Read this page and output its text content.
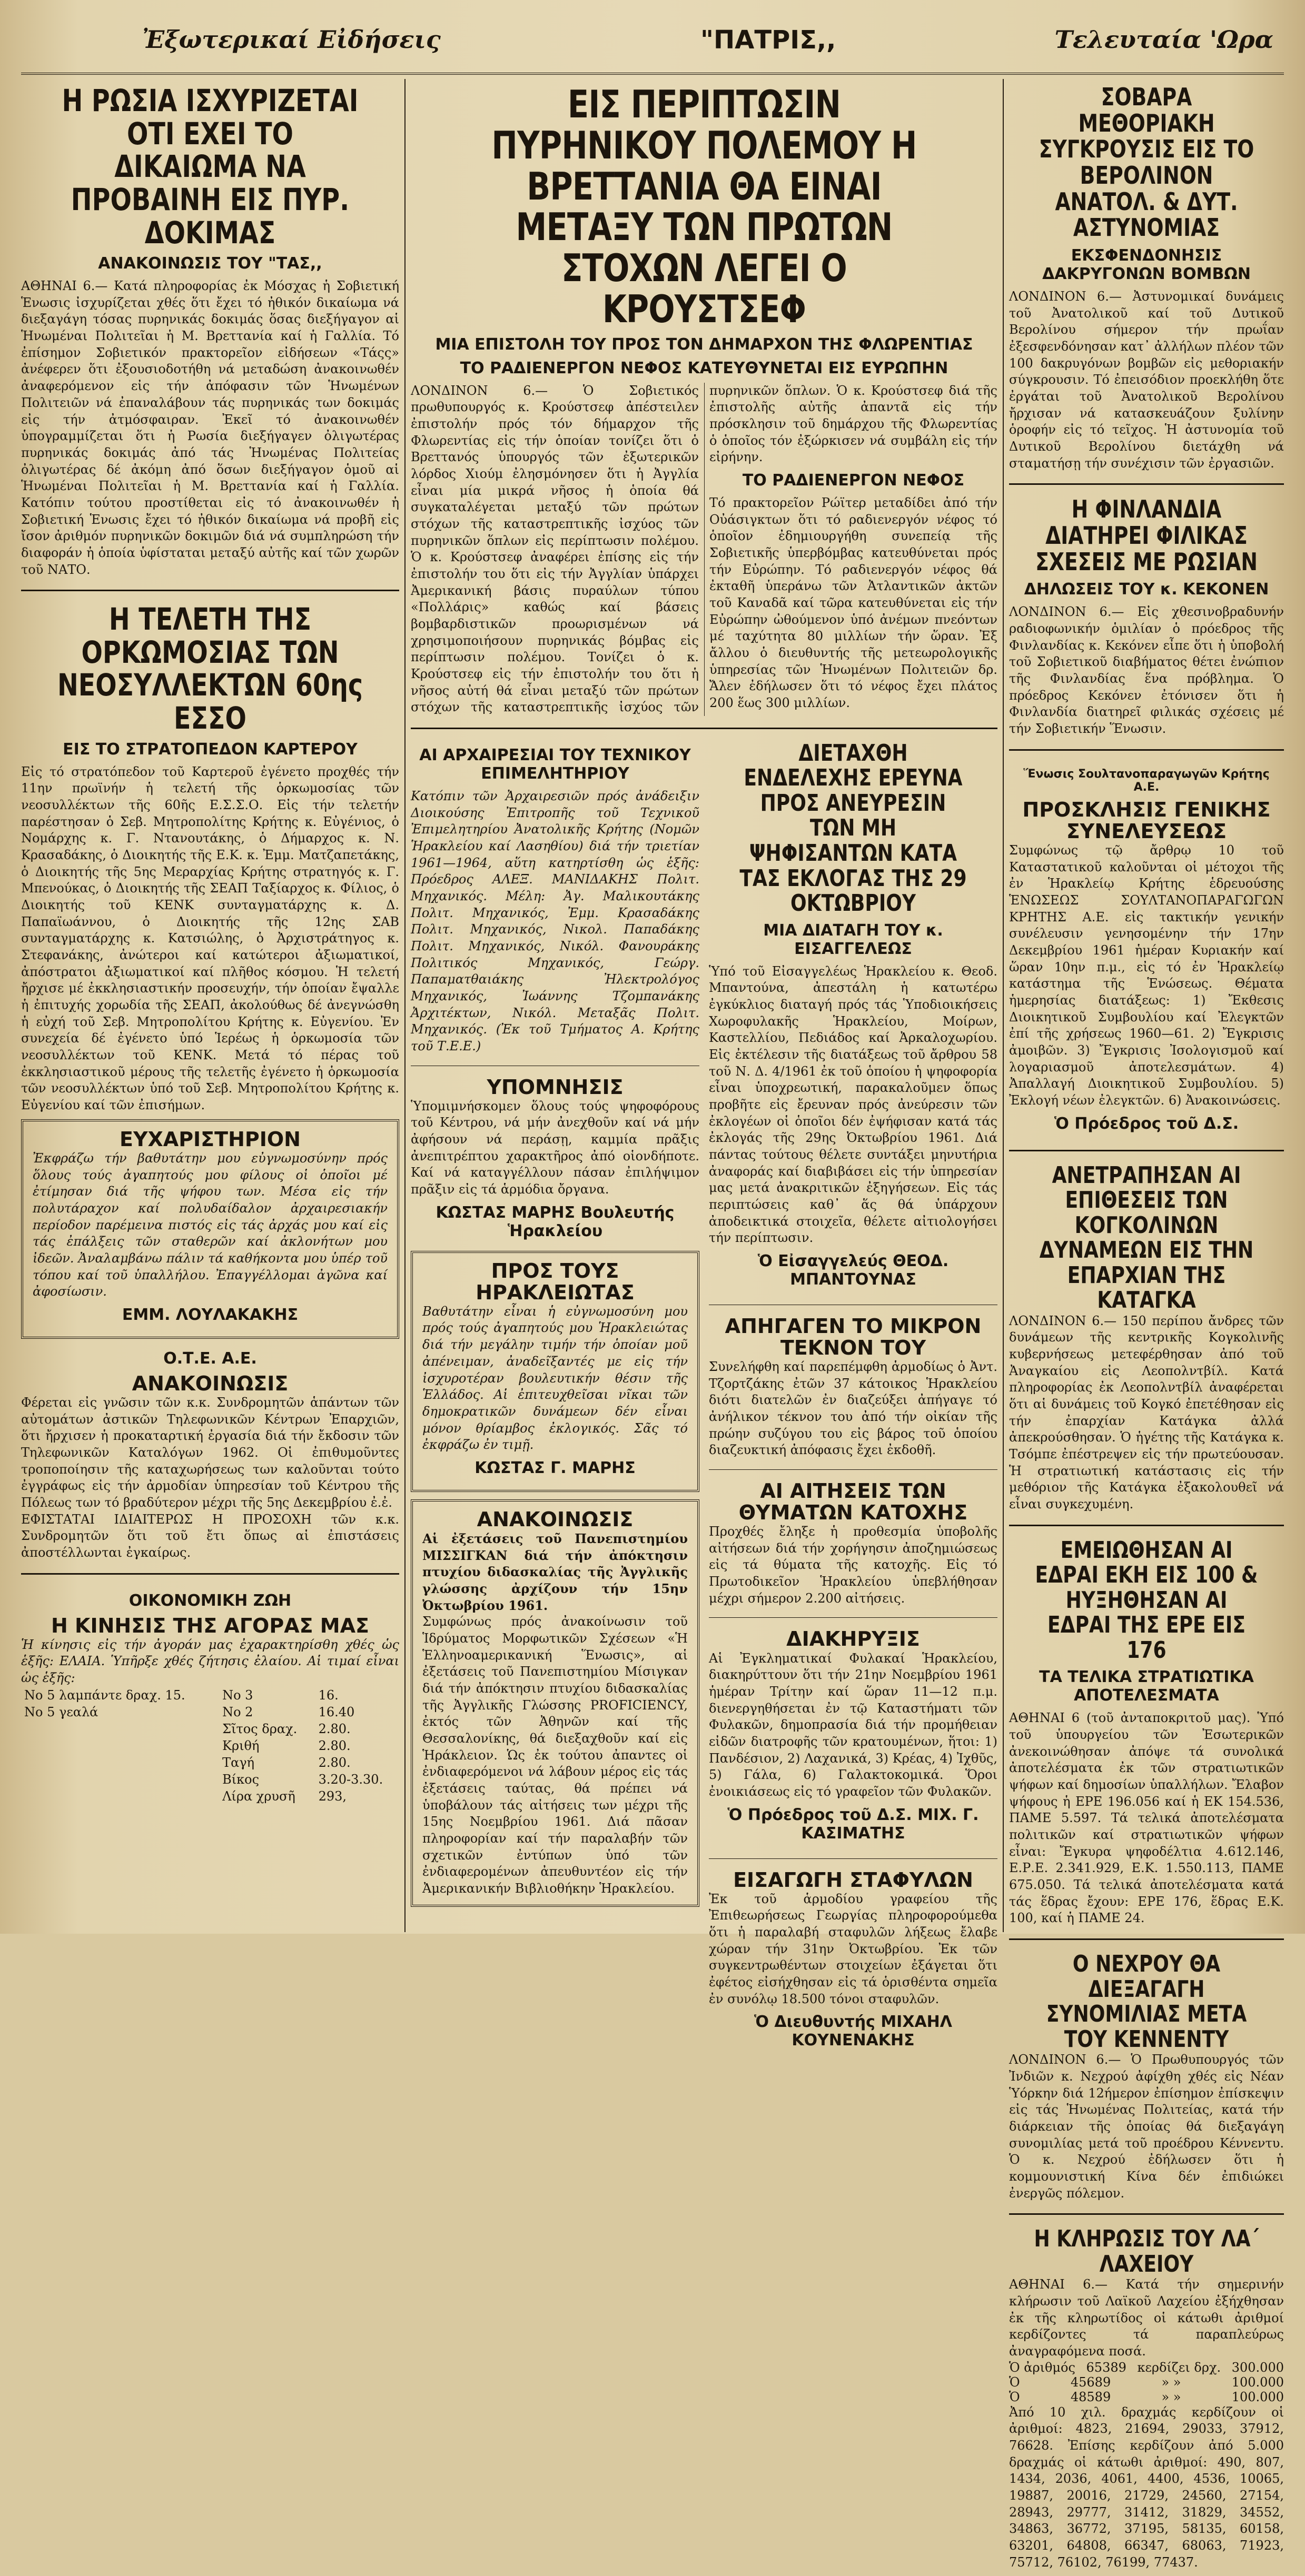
Ἐξωτερικαί Εἰδήσεις	"ΠΑΤΡΙΣ,,	Τελευταία 'Ωρα
Η ΡΩΣΙΑ ΙΣΧΥΡΙΖΕΤΑΙ ΟΤΙ ΕΧΕΙ ΤΟ ΔΙΚΑΙΩΜΑ ΝΑ ΠΡΟΒΑΙΝΗ ΕΙΣ ΠΥΡ. ΔΟΚΙΜΑΣ
ΑΝΑΚΟΙΝΩΣΙΣ ΤΟΥ "ΤΑΣ,,

ΑΘΗΝΑΙ 6.— Κατά πληροφορίας ἐκ Μόσχας ἡ Σοβιετική Ἑνωσις ἰσχυρίζεται χθές ὅτι ἔχει τό ἠθικόν δικαίωμα νά διεξαγάγη τόσας πυρηνικάς δοκιμάς ὅσας διεξήγαγον αἱ Ἡνωμέναι Πολιτεῖαι ἡ Μ. Βρεττανία καί ἡ Γαλλία. Τό ἐπίσημον Σοβιετικόν πρακτορεῖον εἰδήσεων «Τάςς» ἀνέφερεν ὅτι ἐξουσιοδοτήθη νά μεταδώση ἀνακοινωθέν ἀναφερόμενον εἰς τήν ἀπόφασιν τῶν Ἡνωμένων Πολιτειῶν νά ἐπαναλάβουν τάς πυρηνικάς των δοκιμάς εἰς τήν ἀτμόσφαιραν. Ἐκεῖ τό ἀνακοινωθέν ὑπογραμμίζεται ὅτι ἡ Ρωσία διεξήγαγεν ὀλιγωτέρας πυρηνικάς δοκιμάς ἀπό τάς Ἡνωμένας Πολιτείας ὀλιγωτέρας δέ ἀκόμη ἀπό ὅσων διεξήγαγον ὁμοῦ αἱ Ἡνωμέναι Πολιτεῖαι ἡ Μ. Βρεττανία καί ἡ Γαλλία. Κατόπιν τούτου προστίθεται εἰς τό ἀνακοινωθέν ἡ Σοβιετική Ἑνωσις ἔχει τό ἠθικόν δικαίωμα νά προβῆ εἰς ἴσον ἀριθμόν πυρηνικῶν δοκιμῶν διά νά συμπληρώση τήν διαφοράν ἡ ὁποία ὑφίσταται μεταξύ αὐτῆς καί τῶν χωρῶν τοῦ ΝΑΤΟ.

Η ΤΕΛΕΤΗ ΤΗΣ ΟΡΚΩΜΟΣΙΑΣ ΤΩΝ ΝΕΟΣΥΛΛΕΚΤΩΝ 60ης ΕΣΣΟ
ΕΙΣ ΤΟ ΣΤΡΑΤΟΠΕΔΟΝ ΚΑΡΤΕΡΟΥ

Εἰς τό στρατόπεδον τοῦ Καρτεροῦ ἐγένετο προχθές τήν 11ην πρωϊνήν ἡ τελετή τῆς ὁρκωμοσίας τῶν νεοσυλλέκτων τῆς 60ῆς Ε.Σ.Σ.Ο. Εἰς τήν τελετήν παρέστησαν ὁ Σεβ. Μητροπολίτης Κρήτης κ. Εὐγένιος, ὁ Νομάρχης κ. Γ. Ντανουτάκης, ὁ Δήμαρχος κ. Ν. Κρασαδάκης, ὁ Διοικητής τῆς Ε.Κ. κ. Ἐμμ. Ματζαπετάκης, ὁ Διοικητής τῆς 5ης Μεραρχίας Κρήτης στρατηγός κ. Γ. Μπενούκας, ὁ Διοικητής τῆς ΣΕΑΠ Ταξίαρχος κ. Φίλιος, ὁ Διοικητής τοῦ ΚΕΝΚ συνταγματάρχης κ. Δ. Παπαϊωάννου, ὁ Διοικητής τῆς 12ης ΣΑΒ συνταγματάρχης κ. Κατσιώλης, ὁ Ἀρχιστράτηγος κ. Στεφανάκης, ἀνώτεροι καί κατώτεροι ἀξιωματικοί, ἀπόστρατοι ἀξιωματικοί καί πλῆθος κόσμου. Ἡ τελετή ἤρχισε μέ ἐκκλησιαστικήν προσευχήν, τήν ὁποίαν ἔψαλλε ἡ ἐπιτυχής χορωδία τῆς ΣΕΑΠ, ἀκολούθως δέ ἀνεγνώσθη ἡ εὐχή τοῦ Σεβ. Μητροπολίτου Κρήτης κ. Εὐγενίου. Ἐν συνεχεία δέ ἐγένετο ὑπό Ἱερέως ἡ ὁρκωμοσία τῶν νεοσυλλέκτων τοῦ ΚΕΝΚ. Μετά τό πέρας τοῦ ἐκκλησιαστικοῦ μέρους τῆς τελετῆς ἐγένετο ἡ ὁρκωμοσία τῶν νεοσυλλέκτων ὑπό τοῦ Σεβ. Μητροπολίτου Κρήτης κ. Εὐγενίου καί τῶν ἐπισήμων.

ΕΥΧΑΡΙΣΤΗΡΙΟΝ

Ἐκφράζω τήν βαθυτάτην μου εὐγνωμοσύνην πρός ὅλους τούς ἀγαπητούς μου φίλους οἱ ὁποῖοι μέ ἐτίμησαν διά τῆς ψήφου των. Μέσα εἰς τήν πολυτάραχον καί πολυδαίδαλον ἀρχαιρεσιακήν περίοδον παρέμεινα πιστός εἰς τάς ἀρχάς μου καί εἰς τάς ἐπάλξεις τῶν σταθερῶν καί ἀκλονήτων μου ἰδεῶν. Ἀναλαμβάνω πάλιν τά καθήκοντα μου ὑπέρ τοῦ τόπου καί τοῦ ὑπαλλήλου. Ἐπαγγέλλομαι ἀγῶνα καί ἀφοσίωσιν.

ΕΜΜ. ΛΟΥΛΑΚΑΚΗΣ
Ο.Τ.Ε. Α.Ε.
ΑΝΑΚΟΙΝΩΣΙΣ

Φέρεται εἰς γνῶσιν τῶν κ.κ. Συνδρομητῶν ἁπάντων τῶν αὐτομάτων ἀστικῶν Τηλεφωνικῶν Κέντρων Ἐπαρχιῶν, ὅτι ἤρχισεν ἡ προκαταρτική ἐργασία διά τήν ἔκδοσιν τῶν Τηλεφωνικῶν Καταλόγων 1962. Οἱ ἐπιθυμοῦντες τροποποίησιν τῆς καταχωρήσεως των καλοῦνται τούτο ἐγγράφως εἰς τήν ἀρμοδίαν ὑπηρεσίαν τοῦ Κέντρου τῆς Πόλεως των τό βραδύτερον μέχρι τῆς 5ης Δεκεμβρίου ἐ.ἐ.

ΕΦΙΣΤΑΤΑΙ ΙΔΙΑΙΤΕΡΩΣ Η ΠΡΟΣΟΧΗ τῶν κ.κ. Συνδρομητῶν ὅτι τοῦ ἔτι ὅπως αἱ ἐπιστάσεις ἀποστέλλωνται ἐγκαίρως.

ΟΙΚΟΝΟΜΙΚΗ ΖΩΗ
Η ΚΙΝΗΣΙΣ ΤΗΣ ΑΓΟΡΑΣ ΜΑΣ

Ἡ κίνησις εἰς τήν ἀγοράν μας ἐχαρακτηρίσθη χθές ὡς ἑξῆς: ΕΛΑΙΑ. Ὑπῆρξε χθές ζήτησις ἐλαίου. Αἱ τιμαί εἶναι ὡς ἑξῆς:

No 5 λαμπάντε δραχ. 15.	No 3	16.
No 5 γεαλά	No 2	16.40
	Σῖτος δραχ.	2.80.
	Κριθή	2.80.
	Ταγή	2.80.
	Βίκος	3.20-3.30.
	Λίρα χρυσῆ	293,
ΕΙΣ ΠΕΡΙΠΤΩΣΙΝ ΠΥΡΗΝΙΚΟΥ ΠΟΛΕΜΟΥ Η ΒΡΕΤΤΑΝΙΑ ΘΑ ΕΙΝΑΙ ΜΕΤΑΞΥ ΤΩΝ ΠΡΩΤΩΝ ΣΤΟΧΩΝ ΛΕΓΕΙ Ο ΚΡΟΥΣΤΣΕΦ
ΜΙΑ ΕΠΙΣΤΟΛΗ ΤΟΥ ΠΡΟΣ ΤΟΝ ΔΗΜΑΡΧΟΝ ΤΗΣ ΦΛΩΡΕΝΤΙΑΣ
ΤΟ ΡΑΔΙΕΝΕΡΓΟΝ ΝΕΦΟΣ ΚΑΤΕΥΘΥΝΕΤΑΙ ΕΙΣ ΕΥΡΩΠΗΝ

ΛΟΝΔΙΝΟΝ 6.— Ὁ Σοβιετικός πρωθυπουργός κ. Κρούστσεφ ἀπέστειλεν ἐπιστολήν πρός τόν δήμαρχον τῆς Φλωρεντίας εἰς τήν ὁποίαν τονίζει ὅτι ὁ Βρεττανός ὑπουργός τῶν ἐξωτερικῶν λόρδος Χιούμ ἐλησμόνησεν ὅτι ἡ Ἀγγλία εἶναι μία μικρά νῆσος ἡ ὁποία θά συγκαταλέγεται μεταξύ τῶν πρώτων στόχων τῆς καταστρεπτικῆς ἰσχύος τῶν πυρηνικῶν ὅπλων εἰς περίπτωσιν πολέμου. Ὁ κ. Κρούστσεφ ἀναφέρει ἐπίσης εἰς τήν ἐπιστολήν του ὅτι εἰς τήν Ἀγγλίαν ὑπάρχει Ἀμερικανική βάσις πυραύλων τύπου «Πολλάρις» καθώς καί βάσεις βομβαρδιστικῶν προωρισμένων νά χρησιμοποιήσουν πυρηνικάς βόμβας εἰς περίπτωσιν πολέμου. Τονίζει ὁ κ. Κρούστσεφ εἰς τήν ἐπιστολήν του ὅτι ἡ νῆσος αὐτή θά εἶναι μεταξύ τῶν πρώτων στόχων τῆς καταστρεπτικῆς ἰσχύος τῶν πυρηνικῶν ὅπλων. Ὁ κ. Κρούστσεφ διά τῆς ἐπιστολῆς αὐτῆς ἀπαντᾶ εἰς τήν πρόσκλησιν τοῦ δημάρχου τῆς Φλωρεντίας ὁ ὁποῖος τόν ἐξώρκισεν νά συμβάλη εἰς τήν εἰρήνην.

ΤΟ ΡΑΔΙΕΝΕΡΓΟΝ ΝΕΦΟΣ

Τό πρακτορεῖον Ρώϊτερ μεταδίδει ἀπό τήν Οὐάσιγκτων ὅτι τό ραδιενεργόν νέφος τό ὁποῖον ἐδημιουργήθη συνεπείᾳ τῆς Σοβιετικῆς ὑπερβόμβας κατευθύνεται πρός τήν Εὐρώπην. Τό ραδιενεργόν νέφος θά ἐκταθῆ ὑπεράνω τῶν Ἀτλαντικῶν ἀκτῶν τοῦ Καναδᾶ καί τῶρα κατευθύνεται εἰς τήν Εὐρώπην ὠθούμενον ὑπό ἀνέμων πνεόντων μέ ταχύτητα 80 μιλλίων τήν ὥραν. Ἐξ ἄλλου ὁ διευθυντής τῆς μετεωρολογικῆς ὑπηρεσίας τῶν Ἡνωμένων Πολιτειῶν δρ. Ἄλεν ἐδήλωσεν ὅτι τό νέφος ἔχει πλάτος 200 ἕως 300 μιλλίων.

ΑΙ ΑΡΧΑΙΡΕΣΙΑΙ ΤΟΥ ΤΕΧΝΙΚΟΥ ΕΠΙΜΕΛΗΤΗΡΙΟΥ

Κατόπιν τῶν Ἀρχαιρεσιῶν πρός ἀνάδειξιν Διοικούσης Ἐπιτροπῆς τοῦ Τεχνικοῦ Ἐπιμελητηρίου Ἀνατολικῆς Κρήτης (Νομῶν Ἡρακλείου καί Λασηθίου) διά τήν τριετίαν 1961—1964, αὕτη κατηρτίσθη ὡς ἑξῆς: Πρόεδρος ΑΛΕΞ. ΜΑΝΙΔΑΚΗΣ Πολιτ. Μηχανικός. Μέλη: Ἀγ. Μαλικουτάκης Πολιτ. Μηχανικός, Ἐμμ. Κρασαδάκης Πολιτ. Μηχανικός, Νικολ. Παπαδάκης Πολιτ. Μηχανικός, Νικόλ. Φανουράκης Πολιτικός Μηχανικός, Γεώργ. Παπαματθαιάκης Ἠλεκτρολόγος Μηχανικός, Ἰωάννης Τζομπανάκης Ἀρχιτέκτων, Νικόλ. Μεταξᾶς Πολιτ. Μηχανικός. (Ἐκ τοῦ Τμήματος Α. Κρήτης τοῦ Τ.Ε.Ε.)

ΥΠΟΜΝΗΣΙΣ

Ὑπομιμνήσκομεν ὅλους τούς ψηφοφόρους τοῦ Κέντρου, νά μήν ἀνεχθοῦν καί νά μήν ἀφήσουν νά περάσῃ, καμμία πρᾶξις ἀνεπιτρέπτου χαρακτῆρος ἀπό οἱονδήποτε. Καί νά καταγγέλλουν πάσαν ἐπιλήψιμον πρᾶξιν εἰς τά ἁρμόδια ὄργανα.

ΚΩΣΤΑΣ ΜΑΡΗΣ Βουλευτής Ἡρακλείου
ΠΡΟΣ ΤΟΥΣ ΗΡΑΚΛΕΙΩΤΑΣ

Βαθυτάτην εἶναι ἡ εὐγνωμοσύνη μου πρός τούς ἀγαπητούς μου Ἡρακλειώτας διά τήν μεγάλην τιμήν τήν ὁποίαν μοῦ ἀπένειμαν, ἀναδεῖξαντές με εἰς τήν ἰσχυροτέραν βουλευτικήν θέσιν τῆς Ἑλλάδος. Αἱ ἐπιτευχθεῖσαι νῖκαι τῶν δημοκρατικῶν δυνάμεων δέν εἶναι μόνον θρίαμβος ἐκλογικός. Σᾶς τό ἐκφράζω ἐν τιμῇ.

ΚΩΣΤΑΣ Γ. ΜΑΡΗΣ
ΑΝΑΚΟΙΝΩΣΙΣ

Αἱ ἐξετάσεις τοῦ Πανεπιστημίου ΜΙΣΣΙΓΚΑΝ διά τήν ἀπόκτησιν πτυχίου διδασκαλίας τῆς Ἀγγλικῆς γλώσσης ἀρχίζουν τήν 15ην Ὀκτωβρίου 1961.

Συμφώνως πρός ἀνακοίνωσιν τοῦ Ἱδρύματος Μορφωτικῶν Σχέσεων «Ἡ Ἑλληνοαμερικανική Ἕνωσις», αἱ ἐξετάσεις τοῦ Πανεπιστημίου Μίσιγκαν διά τήν ἀπόκτησιν πτυχίου διδασκαλίας τῆς Ἀγγλικῆς Γλώσσης PROFICIENCY, ἐκτός τῶν Ἀθηνῶν καί τῆς Θεσσαλονίκης, θά διεξαχθοῦν καί εἰς Ἡράκλειον. Ὡς ἐκ τούτου ἀπαντες οἱ ἐνδιαφερόμενοι νά λάβουν μέρος εἰς τάς ἐξετάσεις ταύτας, θά πρέπει νά ὑποβάλουν τάς αἰτήσεις των μέχρι τῆς 15ης Νοεμβρίου 1961. Διά πᾶσαν πληροφορίαν καί τήν παραλαβήν τῶν σχετικῶν ἐντύπων ὑπό τῶν ἐνδιαφερομένων ἀπευθυντέον εἰς τήν Ἀμερικανικήν Βιβλιοθήκην Ἡρακλείου.

ΔΙΕΤΑΧΘΗ ΕΝΔΕΛΕΧΗΣ ΕΡΕΥΝΑ ΠΡΟΣ ΑΝΕΥΡΕΣΙΝ ΤΩΝ ΜΗ ΨΗΦΙΣΑΝΤΩΝ ΚΑΤΑ ΤΑΣ ΕΚΛΟΓΑΣ ΤΗΣ 29 ΟΚΤΩΒΡΙΟΥ
ΜΙΑ ΔΙΑΤΑΓΗ ΤΟΥ κ. ΕΙΣΑΓΓΕΛΕΩΣ

Ὑπό τοῦ Εἰσαγγελέως Ἡρακλείου κ. Θεοδ. Μπαντούνα, ἀπεστάλη ἡ κατωτέρω ἐγκύκλιος διαταγή πρός τάς Ὑποδιοικήσεις Χωροφυλακῆς Ἡρακλείου, Μοίρων, Καστελλίου, Πεδιάδος καί Ἀρκαλοχωρίου. Εἰς ἐκτέλεσιν τῆς διατάξεως τοῦ ἄρθρου 58 τοῦ Ν. Δ. 4/1961 ἐκ τοῦ ὁποίου ἡ ψηφοφορία εἶναι ὑποχρεωτική, παρακαλοῦμεν ὅπως προβῆτε εἰς ἔρευναν πρός ἀνεύρεσιν τῶν ἐκλογέων οἱ ὁποῖοι δέν ἐψήφισαν κατά τάς ἐκλογάς τῆς 29ης Ὀκτωβρίου 1961. Διά πάντας τούτους θέλετε συντάξει μηνυτήρια ἀναφοράς καί διαβιβάσει εἰς τήν ὑπηρεσίαν μας μετά ἀνακριτικῶν ἐξηγήσεων. Εἰς τάς περιπτώσεις καθ᾽ ἅς θά ὑπάρχουν ἀποδεικτικά στοιχεῖα, θέλετε αἰτιολογήσει τήν περίπτωσιν.

Ὁ Εἰσαγγελεύς ΘΕΟΔ. ΜΠΑΝΤΟΥΝΑΣ
ΑΠΗΓΑΓΕΝ ΤΟ ΜΙΚΡΟΝ ΤΕΚΝΟΝ ΤΟΥ

Συνελήφθη καί παρεπέμφθη ἁρμοδίως ὁ Ἀντ. Τζορτζάκης ἐτῶν 37 κάτοικος Ἡρακλείου διότι διατελῶν ἐν διαζεύξει ἀπήγαγε τό ἀνήλικον τέκνον του ἀπό τήν οἰκίαν τῆς πρώην συζύγου του εἰς βάρος τοῦ ὁποίου διαζευκτική ἀπόφασις ἔχει ἐκδοθῆ.

ΑΙ ΑΙΤΗΣΕΙΣ ΤΩΝ ΘΥΜΑΤΩΝ ΚΑΤΟΧΗΣ

Προχθές ἔληξε ἡ προθεσμία ὑποβολῆς αἰτήσεων διά τήν χορήγησιν ἀποζημιώσεως εἰς τά θύματα τῆς κατοχῆς. Εἰς τό Πρωτοδικεῖον Ἡρακλείου ὑπεβλήθησαν μέχρι σήμερον 2.200 αἰτήσεις.

ΔΙΑΚΗΡΥΞΙΣ

Αἱ Ἐγκληματικαί Φυλακαί Ἡρακλείου, διακηρύττουν ὅτι τήν 21ην Νοεμβρίου 1961 ἡμέραν Τρίτην καί ὥραν 11—12 π.μ. διενεργηθήσεται ἐν τῷ Καταστήματι τῶν Φυλακῶν, δημοπρασία διά τήν προμήθειαν εἰδῶν διατροφῆς τῶν κρατουμένων, ἥτοι: 1) Πανδέσιον, 2) Λαχανικά, 3) Κρέας, 4) Ἰχθῦς, 5) Γάλα, 6) Γαλακτοκομικά. Ὅροι ἐνοικιάσεως εἰς τό γραφεῖον τῶν Φυλακῶν.

Ὁ Πρόεδρος τοῦ Δ.Σ. ΜΙΧ. Γ. ΚΑΣΙΜΑΤΗΣ
ΕΙΣΑΓΩΓΗ ΣΤΑΦΥΛΩΝ

Ἐκ τοῦ ἁρμοδίου γραφείου τῆς Ἐπιθεωρήσεως Γεωργίας πληροφορούμεθα ὅτι ἡ παραλαβή σταφυλῶν λήξεως ἔλαβε χώραν τήν 31ην Ὀκτωβρίου. Ἐκ τῶν συγκεντρωθέντων στοιχείων ἐξάγεται ὅτι ἐφέτος εἰσήχθησαν εἰς τά ὁρισθέντα σημεῖα ἐν συνόλῳ 18.500 τόνοι σταφυλῶν.

Ὁ Διευθυντής ΜΙΧΑΗΛ ΚΟΥΝΕΝΑΚΗΣ
ΣΟΒΑΡΑ ΜΕΘΟΡΙΑΚΗ ΣΥΓΚΡΟΥΣΙΣ ΕΙΣ ΤΟ ΒΕΡΟΛΙΝΟΝ ΑΝΑΤΟΛ. & ΔΥΤ. ΑΣΤΥΝΟΜΙΑΣ
ΕΚΣΦΕΝΔΟΝΗΣΙΣ ΔΑΚΡΥΓΟΝΩΝ ΒΟΜΒΩΝ

ΛΟΝΔΙΝΟΝ 6.— Ἀστυνομικαί δυνάμεις τοῦ Ἀνατολικοῦ καί τοῦ Δυτικοῦ Βερολίνου σήμερον τήν πρωΐαν ἐξεσφενδόνησαν κατ᾽ ἀλλήλων πλέον τῶν 100 δακρυγόνων βομβῶν εἰς μεθοριακήν σύγκρουσιν. Τό ἐπεισόδιον προεκλήθη ὅτε ἐργάται τοῦ Ἀνατολικοῦ Βερολίνου ἤρχισαν νά κατασκευάζουν ξυλίνην ὁροφήν εἰς τό τεῖχος. Ἡ ἀστυνομία τοῦ Δυτικοῦ Βερολίνου διετάχθη νά σταματήσῃ τήν συνέχισιν τῶν ἐργασιῶν.

Η ΦΙΝΛΑΝΔΙΑ ΔΙΑΤΗΡΕΙ ΦΙΛΙΚΑΣ ΣΧΕΣΕΙΣ ΜΕ ΡΩΣΙΑΝ
ΔΗΛΩΣΕΙΣ ΤΟΥ κ. ΚΕΚΟΝΕΝ

ΛΟΝΔΙΝΟΝ 6.— Εἰς χθεσινοβραδυνήν ραδιοφωνικήν ὁμιλίαν ὁ πρόεδρος τῆς Φινλανδίας κ. Κεκόνεν εἶπε ὅτι ἡ ὑποβολή τοῦ Σοβιετικοῦ διαβήματος θέτει ἐνώπιον τῆς Φινλανδίας ἕνα πρόβλημα. Ὁ πρόεδρος Κεκόνεν ἐτόνισεν ὅτι ἡ Φινλανδία διατηρεῖ φιλικάς σχέσεις μέ τήν Σοβιετικήν Ἕνωσιν.

Ἕνωσις Σουλτανοπαραγωγῶν Κρήτης Α.Ε.
ΠΡΟΣΚΛΗΣΙΣ ΓΕΝΙΚΗΣ ΣΥΝΕΛΕΥΣΕΩΣ

Συμφώνως τῷ ἄρθρῳ 10 τοῦ Καταστατικοῦ καλοῦνται οἱ μέτοχοι τῆς ἐν Ἡρακλείῳ Κρήτης ἑδρευούσης ἙΝΩΣΕΩΣ ΣΟΥΛΤΑΝΟΠΑΡΑΓΩΓΩΝ ΚΡΗΤΗΣ Α.Ε. εἰς τακτικήν γενικήν συνέλευσιν γενησομένην τήν 17ην Δεκεμβρίου 1961 ἡμέραν Κυριακήν καί ὥραν 10ην π.μ., εἰς τό ἐν Ἡρακλείῳ κατάστημα τῆς Ἑνώσεως. Θέματα ἡμερησίας διατάξεως: 1) Ἔκθεσις Διοικητικοῦ Συμβουλίου καί Ἐλεγκτῶν ἐπί τῆς χρήσεως 1960—61. 2) Ἔγκρισις ἀμοιβῶν. 3) Ἔγκρισις Ἰσολογισμοῦ καί λογαριασμοῦ ἀποτελεσμάτων. 4) Ἀπαλλαγή Διοικητικοῦ Συμβουλίου. 5) Ἐκλογή νέων ἐλεγκτῶν. 6) Ἀνακοινώσεις.

Ὁ Πρόεδρος τοῦ Δ.Σ.
ΑΝΕΤΡΑΠΗΣΑΝ ΑΙ ΕΠΙΘΕΣΕΙΣ ΤΩΝ ΚΟΓΚΟΛΙΝΩΝ ΔΥΝΑΜΕΩΝ ΕΙΣ ΤΗΝ ΕΠΑΡΧΙΑΝ ΤΗΣ ΚΑΤΑΓΚΑ

ΛΟΝΔΙΝΟΝ 6.— 150 περίπου ἄνδρες τῶν δυνάμεων τῆς κεντρικῆς Κογκολινῆς κυβερνήσεως μετεφέρθησαν ἀπό τοῦ Ἀναγκαίου εἰς Λεοπολντβίλ. Κατά πληροφορίας ἐκ Λεοπολντβίλ ἀναφέρεται ὅτι αἱ δυνάμεις τοῦ Κογκό ἐπετέθησαν εἰς τήν ἐπαρχίαν Κατάγκα ἀλλά ἀπεκρούσθησαν. Ὁ ἡγέτης τῆς Κατάγκα κ. Τσόμπε ἐπέστρεψεν εἰς τήν πρωτεύουσαν. Ἡ στρατιωτική κατάστασις εἰς τήν μεθόριον τῆς Κατάγκα ἐξακολουθεῖ νά εἶναι συγκεχυμένη.

ΕΜΕΙΩΘΗΣΑΝ ΑΙ ΕΔΡΑΙ ΕΚΗ ΕΙΣ 100 & ΗΥΞΗΘΗΣΑΝ ΑΙ ΕΔΡΑΙ ΤΗΣ ΕΡΕ ΕΙΣ 176
ΤΑ ΤΕΛΙΚΑ ΣΤΡΑΤΙΩΤΙΚΑ ΑΠΟΤΕΛΕΣΜΑΤΑ

ΑΘΗΝΑΙ 6 (τοῦ ἀνταποκριτοῦ μας). Ὑπό τοῦ ὑπουργείου τῶν Ἐσωτερικῶν ἀνεκοινώθησαν ἀπόψε τά συνολικά ἀποτελέσματα ἐκ τῶν στρατιωτικῶν ψήφων καί δημοσίων ὑπαλλήλων. Ἔλαβον ψήφους ἡ ΕΡΕ 196.056 καί ἡ ΕΚ 154.536, ΠΑΜΕ 5.597. Τά τελικά ἀποτελέσματα πολιτικῶν καί στρατιωτικῶν ψήφων εἶναι: Ἔγκυρα ψηφοδέλτια 4.612.146, Ε.Ρ.Ε. 2.341.929, Ε.Κ. 1.550.113, ΠΑΜΕ 675.050. Τά τελικά ἀποτελέσματα κατά τάς ἕδρας ἔχουν: ΕΡΕ 176, ἕδρας Ε.Κ. 100, καί ἡ ΠΑΜΕ 24.

Ο ΝΕΧΡΟΥ ΘΑ ΔΙΕΞΑΓΑΓΗ ΣΥΝΟΜΙΛΙΑΣ ΜΕΤΑ ΤΟΥ ΚΕΝΝΕΝΤΥ

ΛΟΝΔΙΝΟΝ 6.— Ὁ Πρωθυπουργός τῶν Ἰνδιῶν κ. Νεχρού ἀφίχθη χθές εἰς Νέαν Ὑόρκην διά 12ήμερον ἐπίσημον ἐπίσκεψιν εἰς τάς Ἡνωμένας Πολιτείας, κατά τήν διάρκειαν τῆς ὁποίας θά διεξαγάγη συνομιλίας μετά τοῦ προέδρου Κέννεντυ. Ὁ κ. Νεχρού ἐδήλωσεν ὅτι ἡ κομμουνιστική Κίνα δέν ἐπιδιώκει ἐνεργῶς πόλεμον.

Η ΚΛΗΡΩΣΙΣ ΤΟΥ ΛΑ΄ ΛΑΧΕΙΟΥ

ΑΘΗΝΑΙ 6.— Κατά τήν σημερινήν κλήρωσιν τοῦ Λαϊκοῦ Λαχείου ἐξήχθησαν ἐκ τῆς κληρωτίδος οἱ κάτωθι ἀριθμοί κερδίζοντες τά παραπλεύρως ἀναγραφόμενα ποσά.

Ὁ ἀριθμός 65389 κερδίζει δρχ. 300.000
Ὁ	45689	» »	100.000
Ὁ	48589	» »	100.000

Ἀπό 10 χιλ. δραχμάς κερδίζουν οἱ ἀριθμοί: 4823, 21694, 29033, 37912, 76628. Ἐπίσης κερδίζουν ἀπό 5.000 δραχμάς οἱ κάτωθι ἀριθμοί: 490, 807, 1434, 2036, 4061, 4400, 4536, 10065, 19887, 20016, 21729, 24560, 27154, 28943, 29777, 31412, 31829, 34552, 34863, 36772, 37195, 58135, 60158, 63201, 64808, 66347, 68063, 71923, 75712, 76102, 76199, 77437.
